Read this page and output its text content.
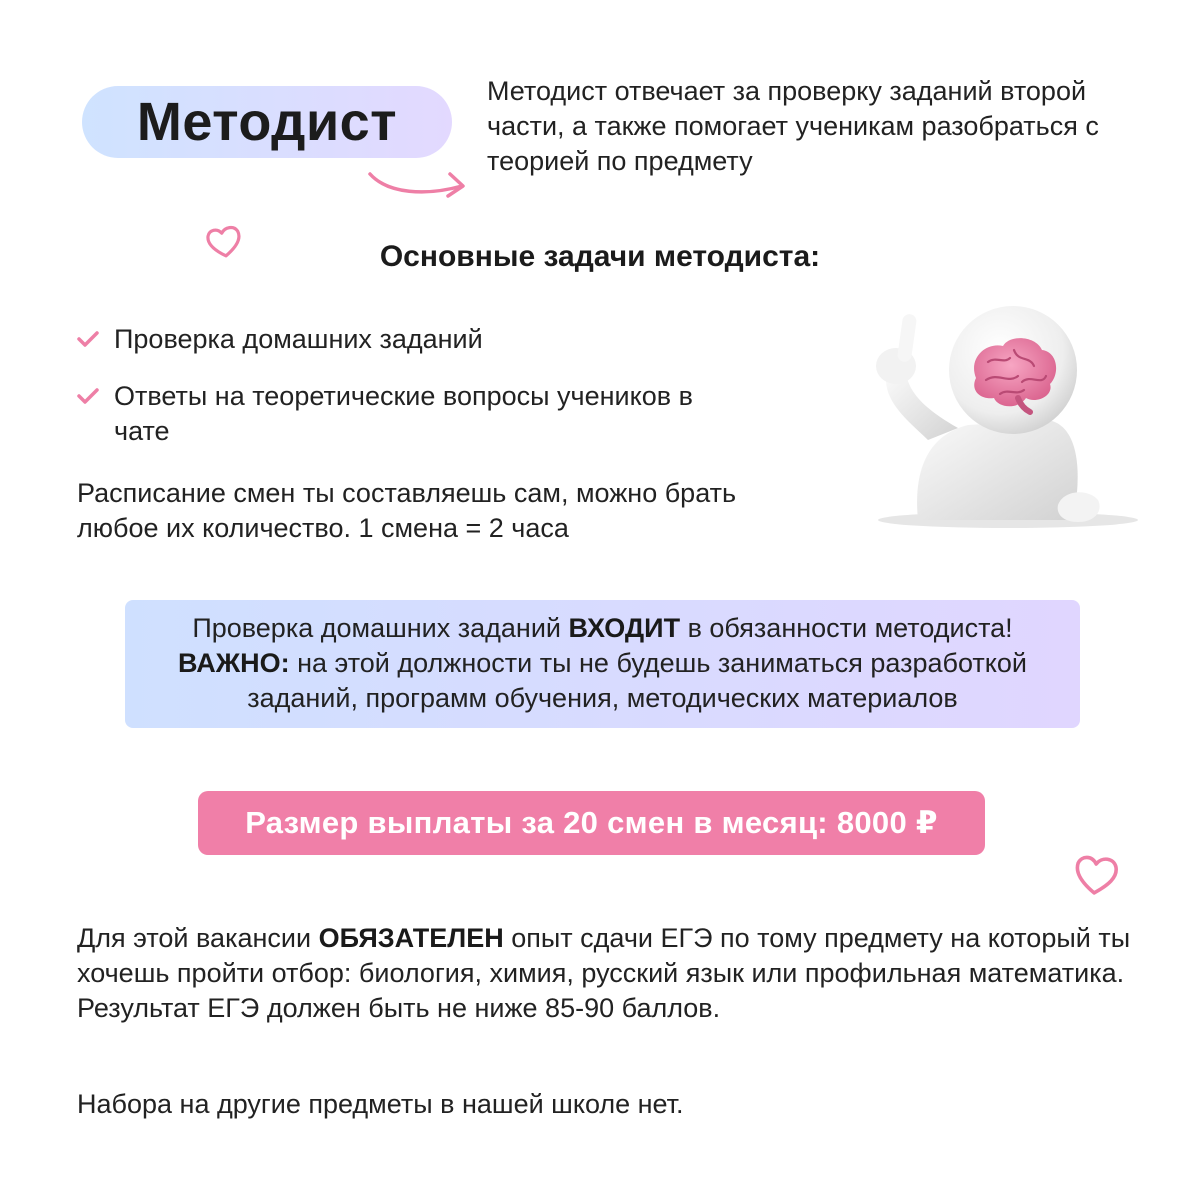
Методист
Методист отвечает за проверку заданий второй части, а также помогает ученикам разобраться с теорией по предмету
Основные задачи методиста:
Проверка домашних заданий
Ответы на теоретические вопросы учеников в чате
Расписание смен ты составляешь сам, можно брать любое их количество. 1 смена = 2 часа
Проверка домашних заданий ВХОДИТ в обязанности методиста!
ВАЖНО: на этой должности ты не будешь заниматься разработкой заданий, программ обучения, методических материалов
Размер выплаты за 20 смен в месяц: 8000 ₽
Для этой вакансии ОБЯЗАТЕЛЕН опыт сдачи ЕГЭ по тому предмету на который ты хочешь пройти отбор: биология, химия, русский язык или профильная математика. Результат ЕГЭ должен быть не ниже 85-90 баллов.
Набора на другие предметы в нашей школе нет.
